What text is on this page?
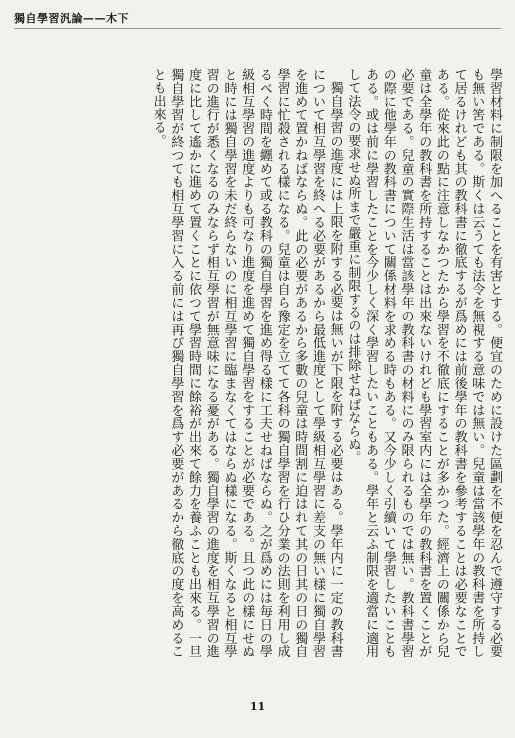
獨自學習汎論——木下

學習材料に制限を加へることを有害とする。便宜のために設けた區劃を不便を忍んで遵守する必要も無い筈である。斯くは云うても法令を無視する意味では無い。兒童は當該學年の教科書を所持して居るけれども其の教科書に徹底するが爲めには前後學年の教科書を參考することは必要なことである。從來此の點に注意しなかつたから學習を不徹底にすることが多かつた。經濟上の關係から兒童は全學年の教科書を所持することは出來ないけれども學習室内には全學年の教科書を置くことが必要である。兒童の實際生活は當該學年の教科書の材料にのみ限られるものでは無い。教科書學習の際に他學年の教科書について關係材料を求める時もある。又今少しく引續いて學習したいこともある。或は前に學習したことを今少しく深く學習したいこともある。學年と云ふ制限を適當に適用して法令の要求せぬ所まで嚴重に制限するのは排除せねばならぬ。

獨自學習の進度には上限を附する必要は無いが下限を附する必要はある。學年内に一定の教科書について相互學習を終へる必要があるから最低進度として學級相互學習に差支の無い樣に獨自學習を進めて置かねばならぬ。此の必要があるから多數の兒童は時間割に迫はれて其の日其の日の獨自學習に忙殺される樣になる。兒童は自ら豫定を立てて各科の獨自學習を行ひ分業の法則を利用し成るべく時間を纒めて或る教科の獨自學習を進め得る樣に工夫せねばならぬ。之が爲めには毎日の學級相互學習の進度よりも可なり進度を進めて獨自學習をすることが必要である。且つ此の樣にせぬと時には獨自學習を未だ終らないのに相互學習に臨まなくてはならぬ樣になる。斯くなると相互學習の進行が悉くなるのみならず相互學習が無意味になる憂がある。獨自學習の進度を相互學習の進度に比して遙かに進めて置くことに依つて學習時間に餘裕が出來て餘力を養ふことも出來る。一旦獨自學習が終つても相互學習に入る前には再び獨自學習を爲す必要があるから徹底の度を高めることも出來る。

11
